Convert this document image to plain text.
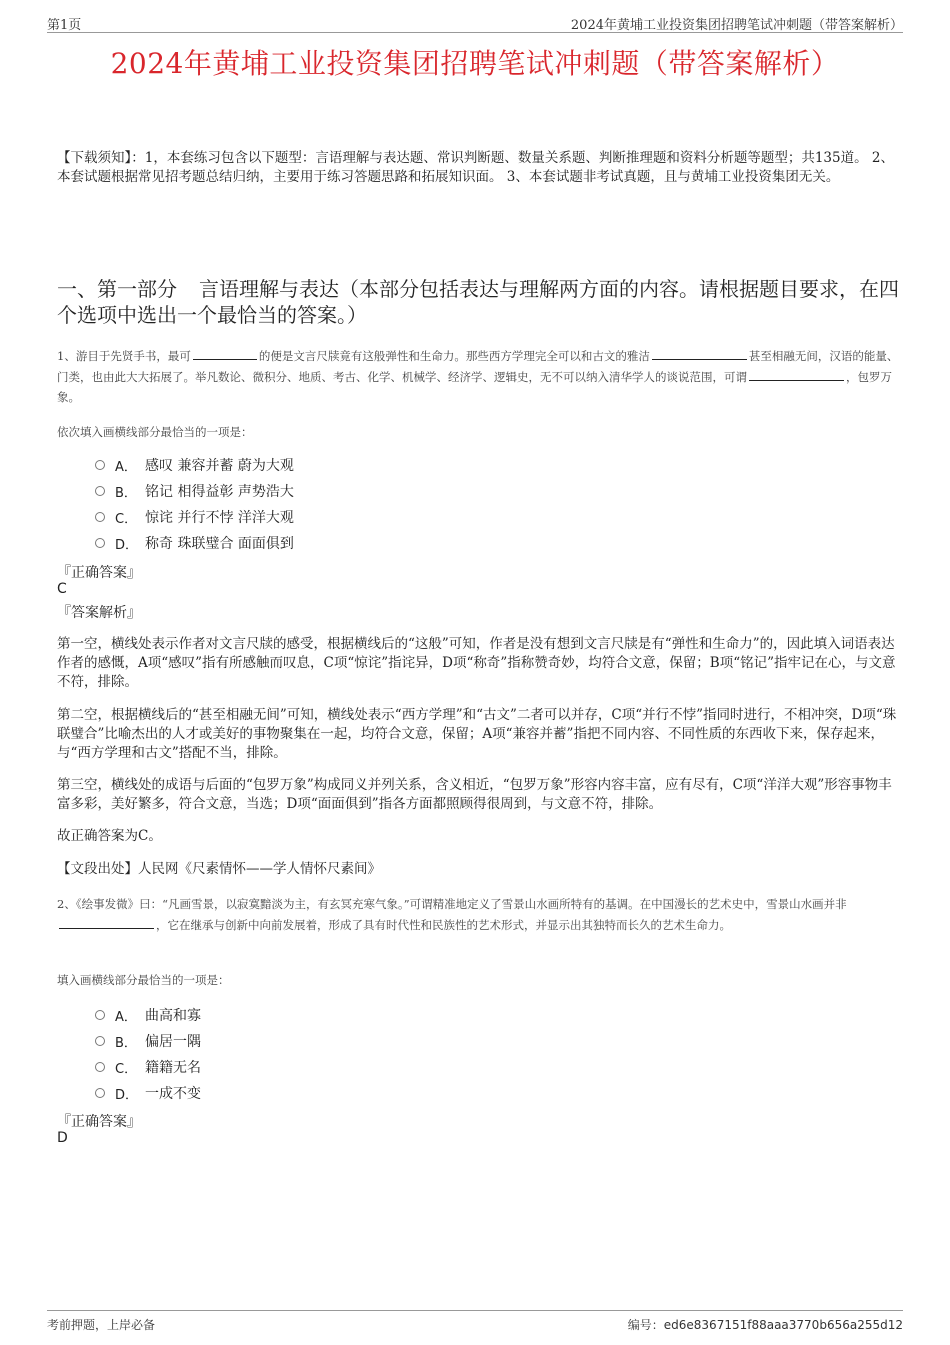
第1页	2024年黄埔工业投资集团招聘笔试冲刺题（带答案解析）
2024年黄埔工业投资集团招聘笔试冲刺题（带答案解析）
【下载须知】：1，本套练习包含以下题型：言语理解与表达题、常识判断题、数量关系题、判断推理题和资料分析题等题型；共135道。 2、本套试题根据常见招考题总结归纳，主要用于练习答题思路和拓展知识面。 3、本套试题非考试真题，且与黄埔工业投资集团无关。
一、第一部分 言语理解与表达（本部分包括表达与理解两方面的内容。请根据题目要求，在四个选项中选出一个最恰当的答案。）
1、游目于先贤手书，最可	的便是文言尺牍竟有这般弹性和生命力。那些西方学理完全可以和古文的雅洁	甚至相融无间，汉语的能量、门类，也由此大大拓展了。举凡数论、微积分、地质、考古、化学、机械学、经济学、逻辑史，无不可以纳入清华学人的谈说范围，可谓	，包罗万象。
依次填入画横线部分最恰当的一项是：
A． 感叹 兼容并蓄 蔚为大观
B． 铭记 相得益彰 声势浩大
C． 惊诧 并行不悖 洋洋大观
D． 称奇 珠联璧合 面面俱到
『正确答案』
C
『答案解析』
第一空，横线处表示作者对文言尺牍的感受，根据横线后的“这般”可知，作者是没有想到文言尺牍是有“弹性和生命力”的，因此填入词语表达作者的感慨，A项“感叹”指有所感触而叹息，C项“惊诧”指诧异，D项“称奇”指称赞奇妙，均符合文意，保留；B项“铭记”指牢记在心，与文意不符，排除。
第二空，根据横线后的“甚至相融无间”可知，横线处表示“西方学理”和“古文”二者可以并存，C项“并行不悖”指同时进行，不相冲突，D项“珠联璧合”比喻杰出的人才或美好的事物聚集在一起，均符合文意，保留；A项“兼容并蓄”指把不同内容、不同性质的东西收下来，保存起来，与“西方学理和古文”搭配不当，排除。
第三空，横线处的成语与后面的“包罗万象”构成同义并列关系，含义相近，“包罗万象”形容内容丰富，应有尽有，C项“洋洋大观”形容事物丰富多彩，美好繁多，符合文意，当选；D项“面面俱到”指各方面都照顾得很周到，与文意不符，排除。
故正确答案为C。
【文段出处】人民网《尺素情怀——学人情怀尺素间》
2、《绘事发微》曰：“凡画雪景，以寂寞黯淡为主，有玄冥充寒气象。”可谓精准地定义了雪景山水画所特有的基调。在中国漫长的艺术史中，雪景山水画并非，它在继承与创新中向前发展着，形成了具有时代性和民族性的艺术形式，并显示出其独特而长久的艺术生命力。
填入画横线部分最恰当的一项是：
A． 曲高和寡
B． 偏居一隅
C． 籍籍无名
D． 一成不变
『正确答案』
D
考前押题，上岸必备	编号：ed6e8367151f88aaa3770b656a255d12
